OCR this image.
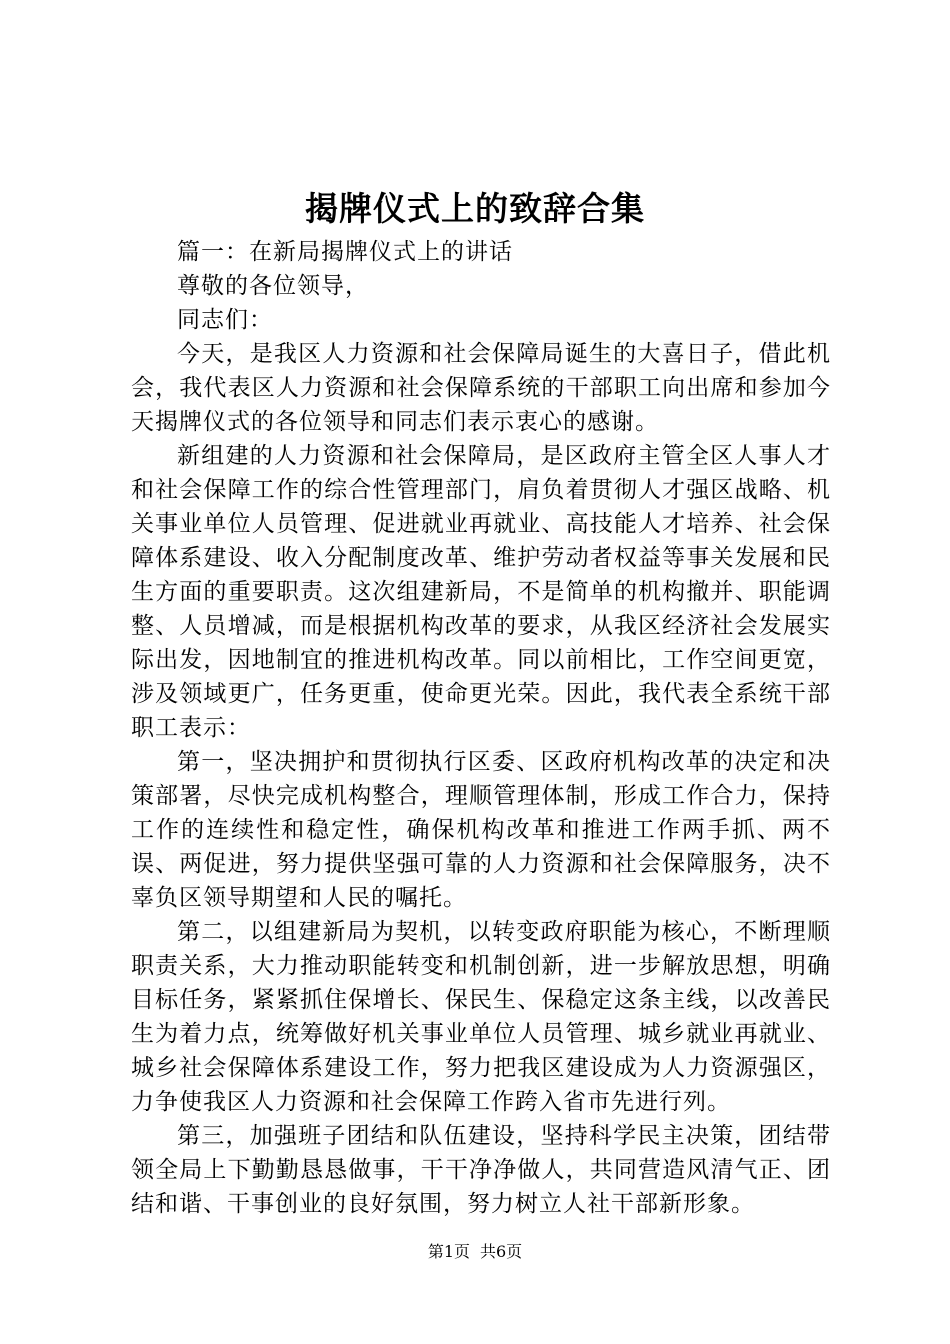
揭牌仪式上的致辞合集

篇一：在新局揭牌仪式上的讲话

尊敬的各位领导，

同志们：

今天，是我区人力资源和社会保障局诞生的大喜日子，借此机会，我代表区人力资源和社会保障系统的干部职工向出席和参加今天揭牌仪式的各位领导和同志们表示衷心的感谢。

新组建的人力资源和社会保障局，是区政府主管全区人事人才和社会保障工作的综合性管理部门，肩负着贯彻人才强区战略、机关事业单位人员管理、促进就业再就业、高技能人才培养、社会保障体系建设、收入分配制度改革、维护劳动者权益等事关发展和民生方面的重要职责。这次组建新局，不是简单的机构撤并、职能调整、人员增减，而是根据机构改革的要求，从我区经济社会发展实际出发，因地制宜的推进机构改革。同以前相比，工作空间更宽，涉及领域更广，任务更重，使命更光荣。因此，我代表全系统干部职工表示：

第一，坚决拥护和贯彻执行区委、区政府机构改革的决定和决策部署，尽快完成机构整合，理顺管理体制，形成工作合力，保持工作的连续性和稳定性，确保机构改革和推进工作两手抓、两不误、两促进，努力提供坚强可靠的人力资源和社会保障服务，决不辜负区领导期望和人民的嘱托。

第二，以组建新局为契机，以转变政府职能为核心，不断理顺职责关系，大力推动职能转变和机制创新，进一步解放思想，明确目标任务，紧紧抓住保增长、保民生、保稳定这条主线，以改善民生为着力点，统筹做好机关事业单位人员管理、城乡就业再就业、城乡社会保障体系建设工作，努力把我区建设成为人力资源强区，力争使我区人力资源和社会保障工作跨入省市先进行列。

第三，加强班子团结和队伍建设，坚持科学民主决策，团结带领全局上下勤勤恳恳做事，干干净净做人，共同营造风清气正、团结和谐、干事创业的良好氛围，努力树立人社干部新形象。

第1页 共6页
